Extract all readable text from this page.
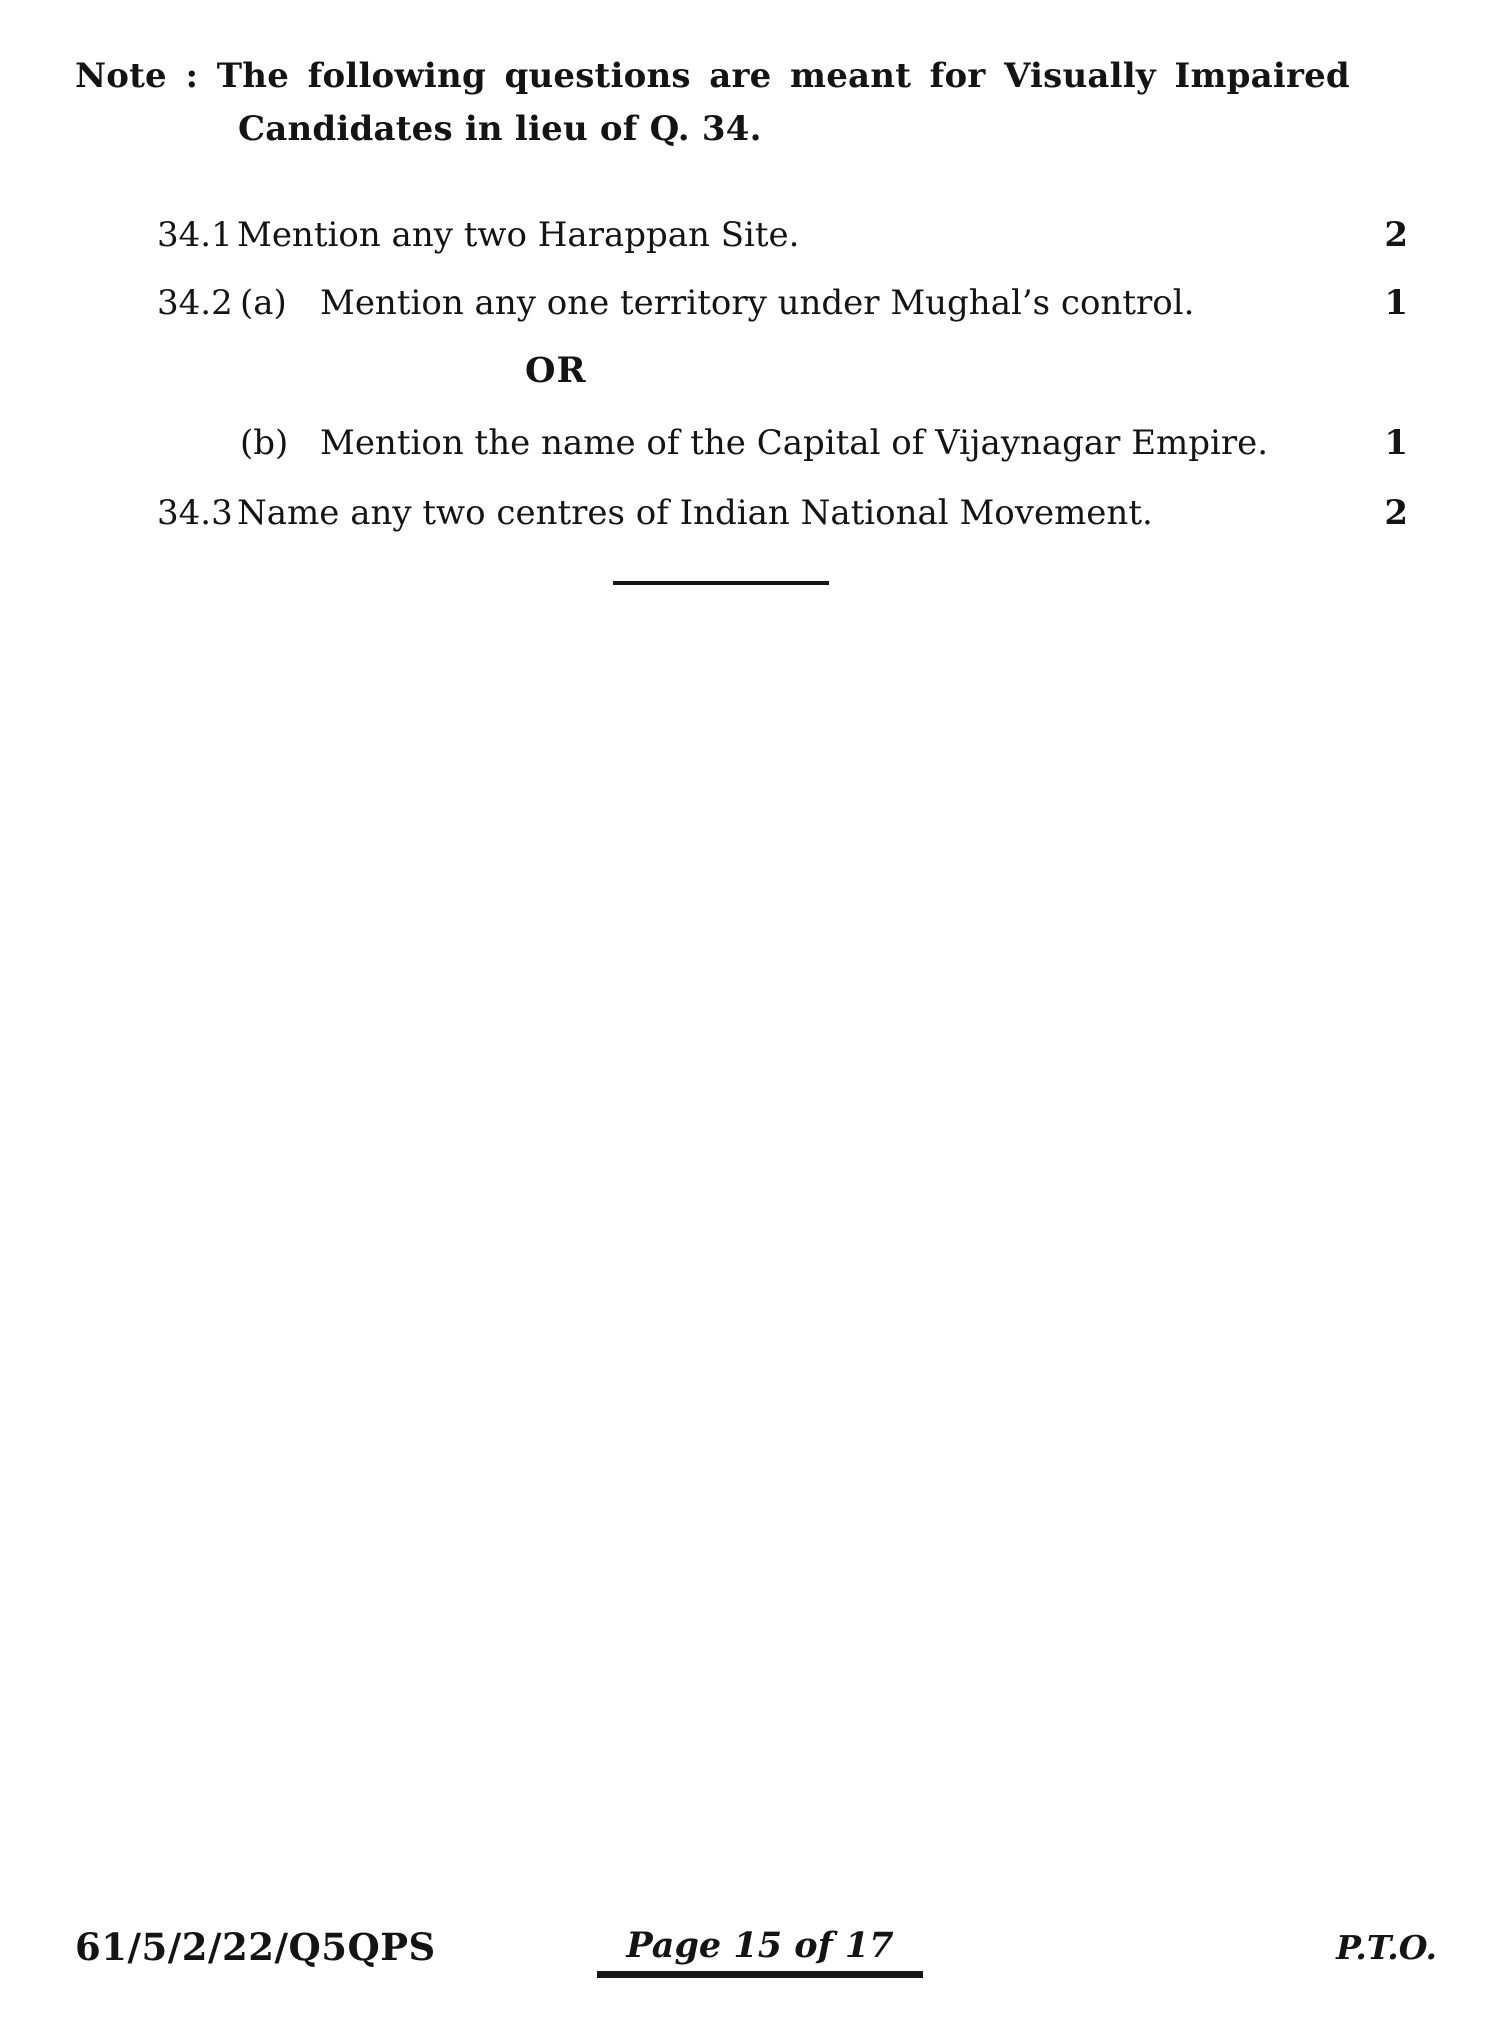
Note : The following questions are meant for Visually Impaired
Candidates in lieu of Q. 34.
34.1 Mention any two Harappan Site.	2
34.2 (a) Mention any one territory under Mughal’s control.	1
OR
(b) Mention the name of the Capital of Vijaynagar Empire.	1
34.3 Name any two centres of Indian National Movement.	2
61/5/2/22/Q5QPS	Page 15 of 17	P.T.O.
